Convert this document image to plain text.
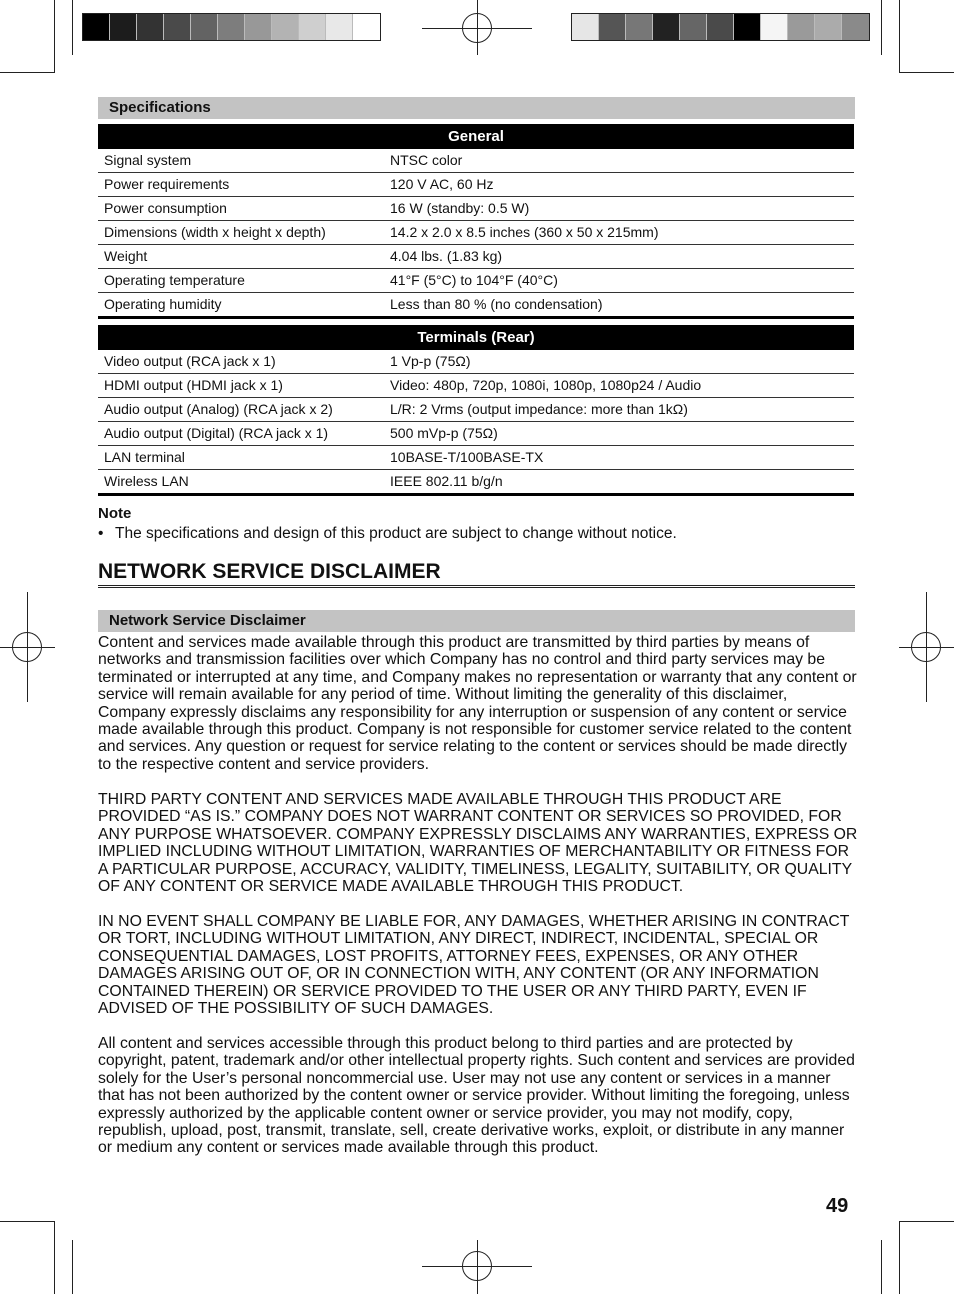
Specifications
General	
Signal system	NTSC color
Power requirements	120 V AC, 60 Hz
Power consumption	16 W (standby: 0.5 W)
Dimensions (width x height x depth)	14.2 x 2.0 x 8.5 inches (360 x 50 x 215mm)
Weight	4.04 lbs. (1.83 kg)
Operating temperature	41°F (5°C) to 104°F (40°C)
Operating humidity	Less than 80 % (no condensation)
Terminals (Rear)	
Video output (RCA jack x 1)	1 Vp-p (75Ω)
HDMI output (HDMI jack x 1)	Video: 480p, 720p, 1080i, 1080p, 1080p24 / Audio
Audio output (Analog) (RCA jack x 2)	L/R: 2 Vrms (output impedance: more than 1kΩ)
Audio output (Digital) (RCA jack x 1)	500 mVp-p (75Ω)
LAN terminal	10BASE-T/100BASE-TX
Wireless LAN	IEEE 802.11 b/g/n
Note
• The specifications and design of this product are subject to change without notice.
NETWORK SERVICE DISCLAIMER
Network Service Disclaimer

Content and services made available through this product are transmitted by third parties by means of networks and transmission facilities over which Company has no control and third party services may be terminated or interrupted at any time, and Company makes no representation or warranty that any content or service will remain available for any period of time. Without limiting the generality of this disclaimer, Company expressly disclaims any responsibility for any interruption or suspension of any content or service made available through this product. Company is not responsible for customer service related to the content and services. Any question or request for service relating to the content or services should be made directly to the respective content and service providers.

THIRD PARTY CONTENT AND SERVICES MADE AVAILABLE THROUGH THIS PRODUCT ARE PROVIDED “AS IS.” COMPANY DOES NOT WARRANT CONTENT OR SERVICES SO PROVIDED, FOR ANY PURPOSE WHATSOEVER. COMPANY EXPRESSLY DISCLAIMS ANY WARRANTIES, EXPRESS OR IMPLIED INCLUDING WITHOUT LIMITATION, WARRANTIES OF MERCHANTABILITY OR FITNESS FOR A PARTICULAR PURPOSE, ACCURACY, VALIDITY, TIMELINESS, LEGALITY, SUITABILITY, OR QUALITY OF ANY CONTENT OR SERVICE MADE AVAILABLE THROUGH THIS PRODUCT.

IN NO EVENT SHALL COMPANY BE LIABLE FOR, ANY DAMAGES, WHETHER ARISING IN CONTRACT OR TORT, INCLUDING WITHOUT LIMITATION, ANY DIRECT, INDIRECT, INCIDENTAL, SPECIAL OR CONSEQUENTIAL DAMAGES, LOST PROFITS, ATTORNEY FEES, EXPENSES, OR ANY OTHER DAMAGES ARISING OUT OF, OR IN CONNECTION WITH, ANY CONTENT (OR ANY INFORMATION CONTAINED THEREIN) OR SERVICE PROVIDED TO THE USER OR ANY THIRD PARTY, EVEN IF ADVISED OF THE POSSIBILITY OF SUCH DAMAGES.

All content and services accessible through this product belong to third parties and are protected by copyright, patent, trademark and/or other intellectual property rights. Such content and services are provided solely for the User’s personal noncommercial use. User may not use any content or services in a manner that has not been authorized by the content owner or service provider. Without limiting the foregoing, unless expressly authorized by the applicable content owner or service provider, you may not modify, copy, republish, upload, post, transmit, translate, sell, create derivative works, exploit, or distribute in any manner or medium any content or services made available through this product.

49
